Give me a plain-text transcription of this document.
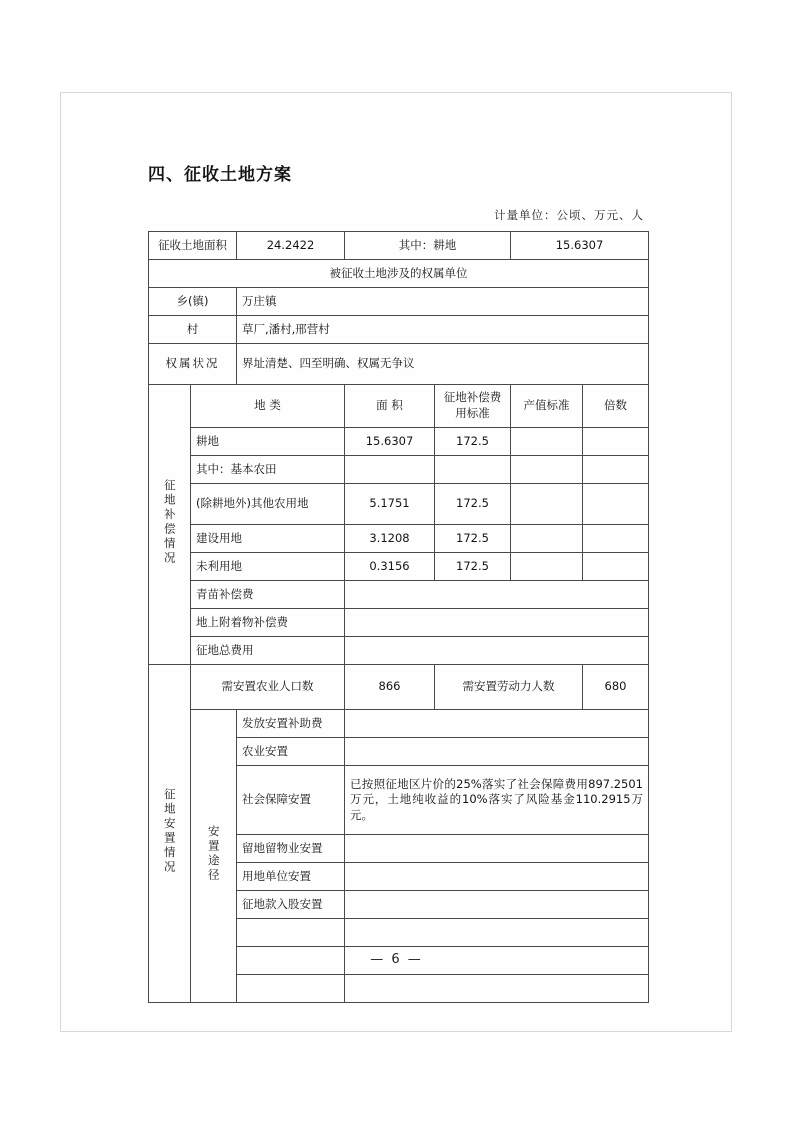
四、征收土地方案
计量单位：公顷、万元、人
征收土地面积		24.2422	其中：耕地		15.6307	
被征收土地涉及的权属单位						
乡(镇)		万庄镇				
村		草厂,潘村,邢营村				
权属状况		界址清楚、四至明确、权属无争议				
征地补偿情况	地 类		面 积	征地补偿费用标准	产值标准	倍数
	耕地		15.6307	172.5		
	其中：基本农田					
	(除耕地外)其他农用地		5.1751	172.5		
	建设用地		3.1208	172.5		
	未利用地		0.3156	172.5		
	青苗补偿费					
	地上附着物补偿费					
	征地总费用					
征地安置情况	需安置农业人口数		866	需安置劳动力人数		680
	安置途径	发放安置补助费				
		农业安置				
		社会保障安置	已按照征地区片价的25%落实了社会保障费用897.2501万元，土地纯收益的10%落实了风险基金110.2915万元。			
		留地留物业安置				
		用地单位安置				
		征地款入股安置				

— 6 —
